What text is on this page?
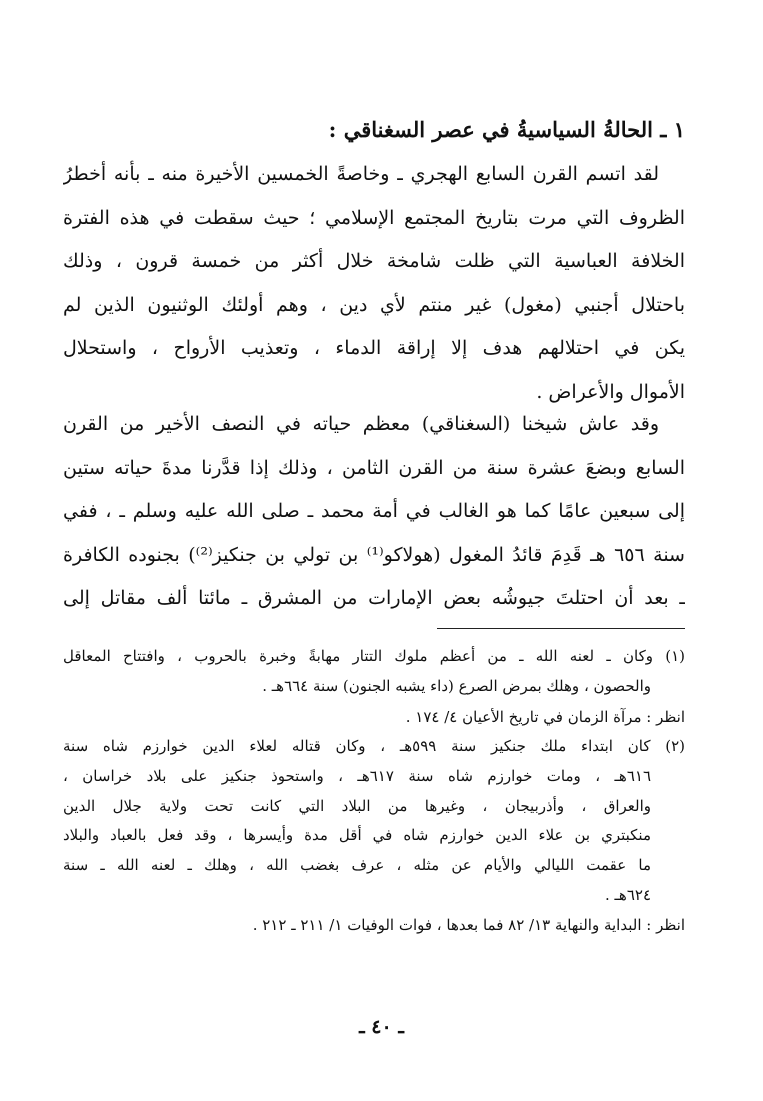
١ ـ الحالةُ السياسيةُ في عصر السغناقي :
لقد اتسم القرن السابع الهجري ـ وخاصةً الخمسين الأخيرة منه ـ بأنه أخطرُ
الظروف التي مرت بتاريخ المجتمع الإسلامي ؛ حيث سقطت في هذه الفترة
الخلافة العباسية التي ظلت شامخة خلال أكثر من خمسة قرون ، وذلك
باحتلال أجنبي (مغول) غير منتم لأي دين ، وهم أولئك الوثنيون الذين لم
يكن في احتلالهم هدف إلا إراقة الدماء ، وتعذيب الأرواح ، واستحلال
الأموال والأعراض .
وقد عاش شيخنا (السغناقي) معظم حياته في النصف الأخير من القرن
السابع وبضعَ عشرة سنة من القرن الثامن ، وذلك إذا قدَّرنا مدةَ حياته ستين
إلى سبعين عامًا كما هو الغالب في أمة محمد ـ صلى الله عليه وسلم ـ ، ففي
سنة ٦٥٦ هـ قَدِمَ قائدُ المغول (هولاكو⁽¹⁾ بن تولي بن جنكيز⁽²⁾) بجنوده الكافرة
ـ بعد أن احتلتَ جيوشُه بعض الإمارات من المشرق ـ مائتا ألف مقاتل إلى
(١) وكان ـ لعنه الله ـ من أعظم ملوك التتار مهابةً وخبرة بالحروب ، وافتتاح المعاقل
والحصون ، وهلك بمرض الصرع (داء يشبه الجنون) سنة ٦٦٤هـ .
انظر : مرآة الزمان في تاريخ الأعيان ٤/ ١٧٤ .
(٢) كان ابتداء ملك جنكيز سنة ٥٩٩هـ ، وكان قتاله لعلاء الدين خوارزم شاه سنة
٦١٦هـ ، ومات خوارزم شاه سنة ٦١٧هـ ، واستحوذ جنكيز على بلاد خراسان ،
والعراق ، وأذربيجان ، وغيرها من البلاد التي كانت تحت ولاية جلال الدين
منكبتري بن علاء الدين خوارزم شاه في أقل مدة وأيسرها ، وقد فعل بالعباد والبلاد
ما عقمت الليالي والأيام عن مثله ، عرف بغضب الله ، وهلك ـ لعنه الله ـ سنة
٦٢٤هـ .
انظر : البداية والنهاية ١٣/ ٨٢ فما بعدها ، فوات الوفيات ١/ ٢١١ ـ ٢١٢ .
ـ ٤٠ ـ
